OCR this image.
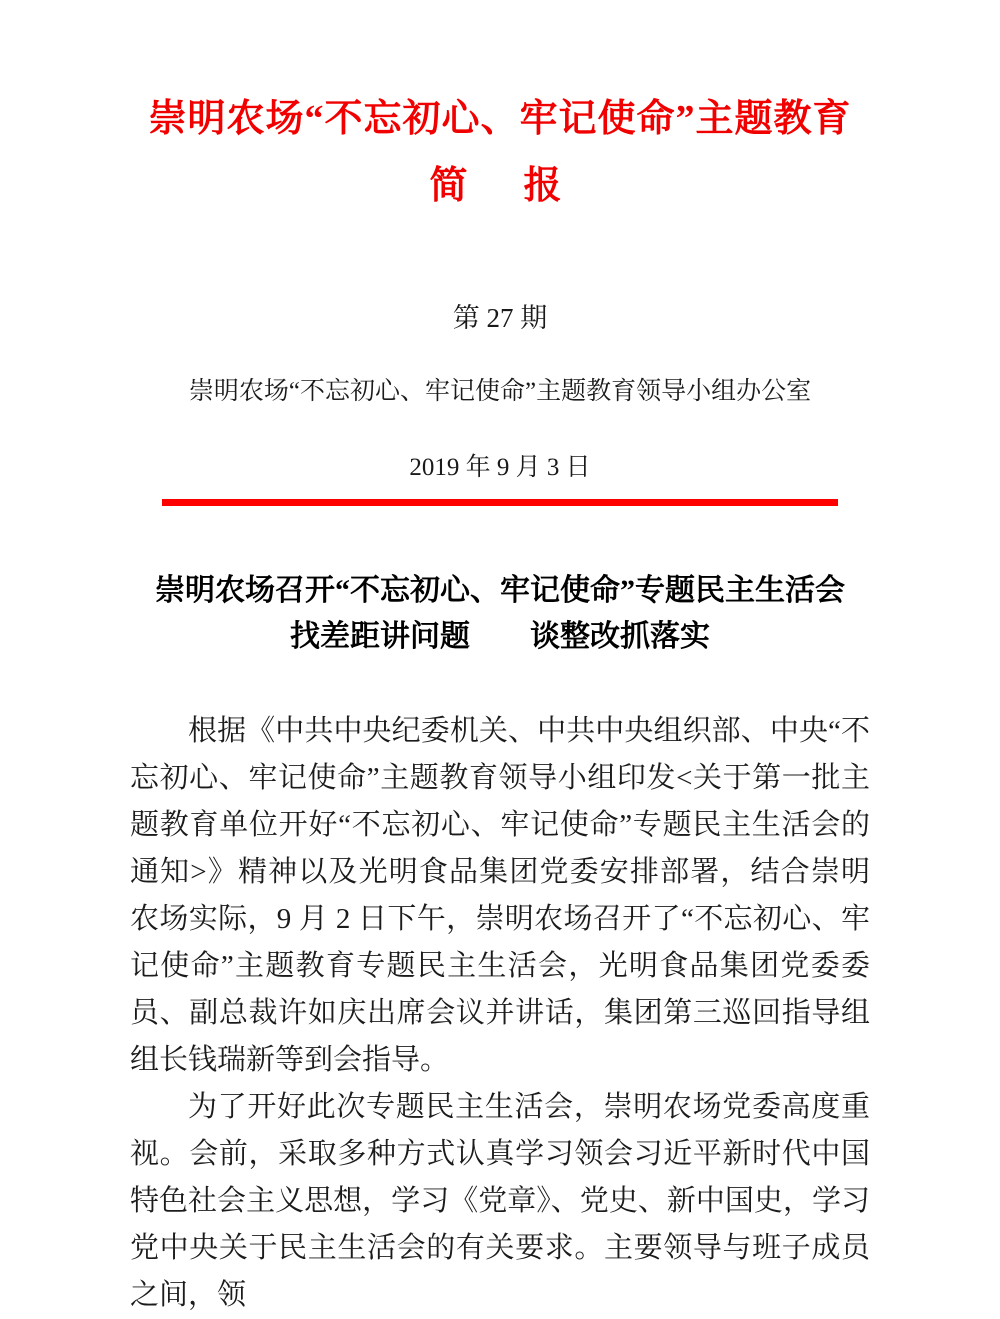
崇明农场“不忘初心、牢记使命”主题教育
简　报
第 27 期
崇明农场“不忘初心、牢记使命”主题教育领导小组办公室
2019 年 9 月 3 日
崇明农场召开“不忘初心、牢记使命”专题民主生活会
找差距讲问题　　谈整改抓落实

根据《中共中央纪委机关、中共中央组织部、中央“不忘初心、牢记使命”主题教育领导小组印发<关于第一批主题教育单位开好“不忘初心、牢记使命”专题民主生活会的通知>》精神以及光明食品集团党委安排部署，结合崇明农场实际，9 月 2 日下午，崇明农场召开了“不忘初心、牢记使命”主题教育专题民主生活会，光明食品集团党委委员、副总裁许如庆出席会议并讲话，集团第三巡回指导组组长钱瑞新等到会指导。

为了开好此次专题民主生活会，崇明农场党委高度重视。会前，采取多种方式认真学习领会习近平新时代中国特色社会主义思想，学习《党章》、党史、新中国史，学习党中央关于民主生活会的有关要求。主要领导与班子成员之间，领
